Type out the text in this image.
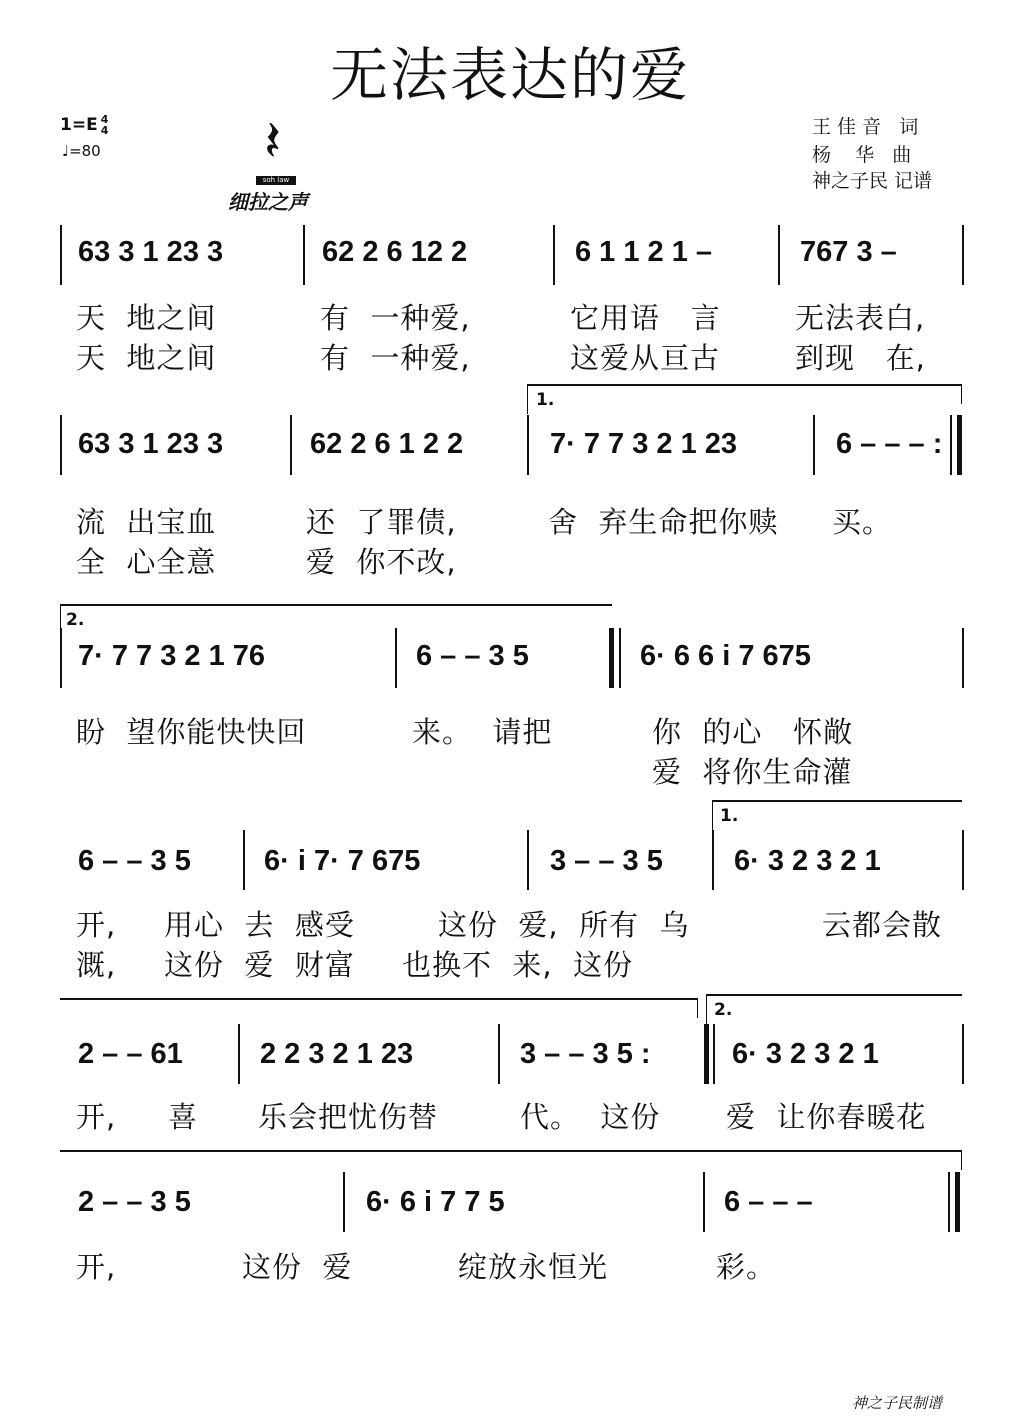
无法表达的爱
1=E 4
4
♩=80	𝄽
soh law
细拉之声
王 佳 音   词
杨    华   曲
神之子民 记谱
63 3 1 23 3	62 2 6 12 2	6 1 1 2 1 –	767 3 –
天  地之间	有  一种爱,	它用语   言	无法表白,
天  地之间	有  一种爱,	这爱从亘古	到现   在,
1.
63 3 1 23 3	62 2 6 1 2 2	7· 7 7 3 2 1 23	6 – – – :
流  出宝血	还  了罪债,	舍  弃生命把你赎 买。
全  心全意	爱  你不改,
2.
7· 7 7 3 2 1 76	6 – – 3 5	6· 6 6 i 7 675
盼  望你能快快回	来。  请把	你  的心   怀敞
爱  将你生命灌
1.
6 – – 3 5	6· i 7· 7 675	3 – – 3 5 6· 3 2 3 2 1
开, 用心  去  感受	这份  爱,  所有  乌	云都会散
溉, 这份  爱  财富 也换不  来,  这份
2.
2 – – 61	2 2 3 2 1 23	3 – – 3 5 :	6· 3 2 3 2 1
开, 喜 乐会把忧伤替	代。  这份 爱  让你春暖花
2 – – 3 5	6· 6 i 7 7 5	6 – – –
开,	这份  爱	绽放永恒光	彩。
神之子民制谱
